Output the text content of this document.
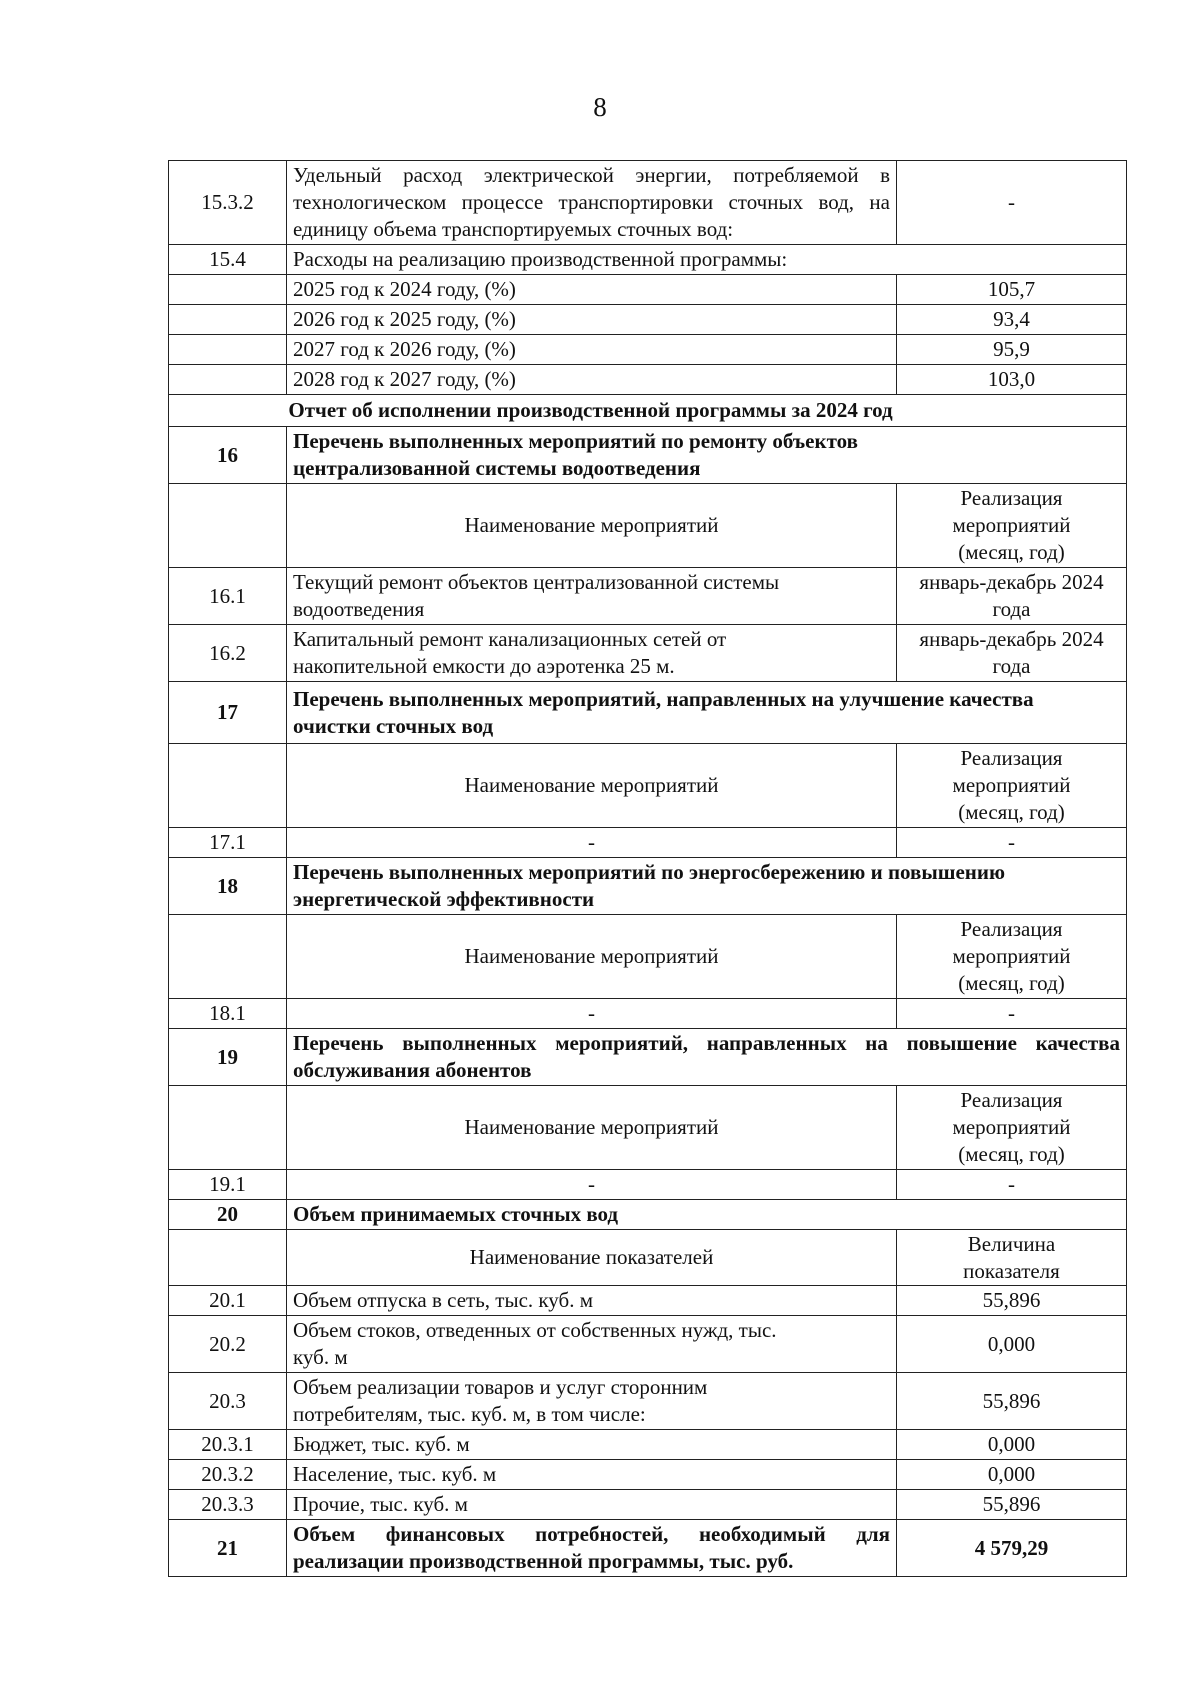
8
15.3.2	Удельный расход электрической энергии, потребляемой в технологическом процессе транспортировки сточных вод, на единицу объема транспортируемых сточных вод:	-
15.4	Расходы на реализацию производственной программы:	
	2025 год к 2024 году, (%)	105,7
	2026 год к 2025 году, (%)	93,4
	2027 год к 2026 году, (%)	95,9
	2028 год к 2027 году, (%)	103,0
Отчет об исполнении производственной программы за 2024 год		
16	Перечень выполненных мероприятий по ремонту объектов централизованной системы водоотведения	
	Наименование мероприятий	Реализация мероприятий (месяц, год)
16.1	Текущий ремонт объектов централизованной системы водоотведения	январь-декабрь 2024 года
16.2	Капитальный ремонт канализационных сетей от накопительной емкости до аэротенка 25 м.	январь-декабрь 2024 года
17	Перечень выполненных мероприятий, направленных на улучшение качества очистки сточных вод	
	Наименование мероприятий	Реализация мероприятий (месяц, год)
17.1	-	-
18	Перечень выполненных мероприятий по энергосбережению и повышению энергетической эффективности	
	Наименование мероприятий	Реализация мероприятий (месяц, год)
18.1	-	-
19	Перечень выполненных мероприятий, направленных на повышение качества обслуживания абонентов	
	Наименование мероприятий	Реализация мероприятий (месяц, год)
19.1	-	-
20	Объем принимаемых сточных вод	
	Наименование показателей	Величина показателя
20.1	Объем отпуска в сеть, тыс. куб. м	55,896
20.2	Объем стоков, отведенных от собственных нужд, тыс. куб. м	0,000
20.3	Объем реализации товаров и услуг сторонним потребителям, тыс. куб. м, в том числе:	55,896
20.3.1	Бюджет, тыс. куб. м	0,000
20.3.2	Население, тыс. куб. м	0,000
20.3.3	Прочие, тыс. куб. м	55,896
21	Объем финансовых потребностей, необходимый для реализации производственной программы, тыс. руб.	4 579,29
